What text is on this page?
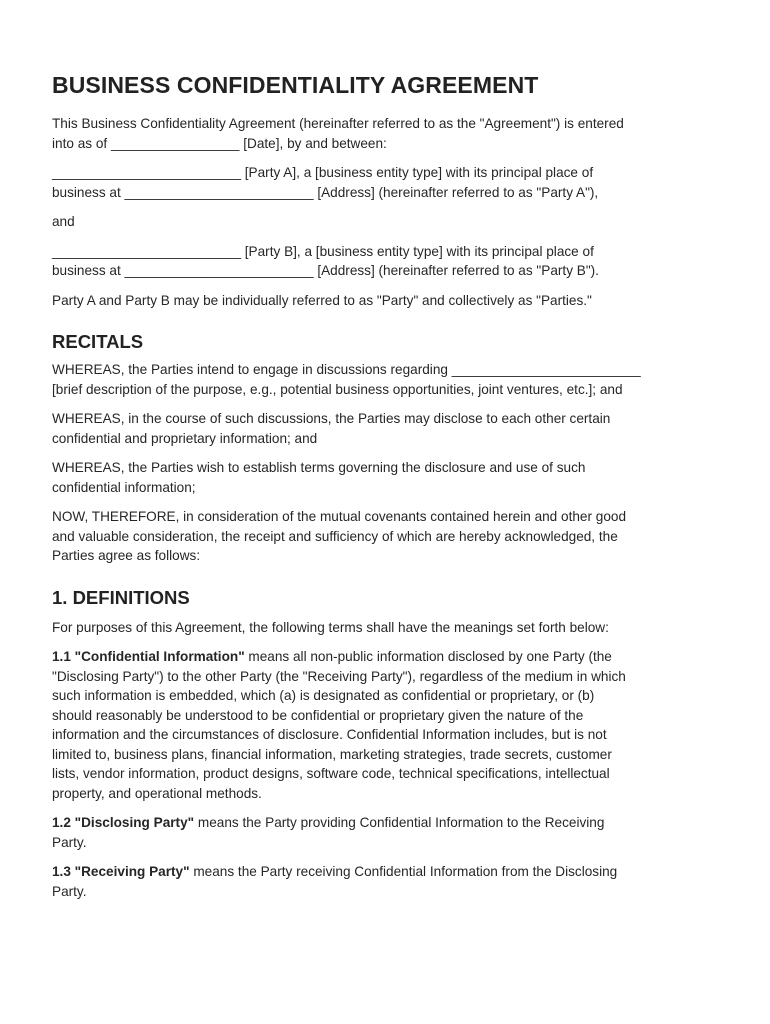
BUSINESS CONFIDENTIALITY AGREEMENT

This Business Confidentiality Agreement (hereinafter referred to as the "Agreement") is entered
into as of _________________ [Date], by and between:

_________________________ [Party A], a [business entity type] with its principal place of
business at _________________________ [Address] (hereinafter referred to as "Party A"),

and

_________________________ [Party B], a [business entity type] with its principal place of
business at _________________________ [Address] (hereinafter referred to as "Party B").

Party A and Party B may be individually referred to as "Party" and collectively as "Parties."

RECITALS

WHEREAS, the Parties intend to engage in discussions regarding _________________________
[brief description of the purpose, e.g., potential business opportunities, joint ventures, etc.]; and

WHEREAS, in the course of such discussions, the Parties may disclose to each other certain
confidential and proprietary information; and

WHEREAS, the Parties wish to establish terms governing the disclosure and use of such
confidential information;

NOW, THEREFORE, in consideration of the mutual covenants contained herein and other good
and valuable consideration, the receipt and sufficiency of which are hereby acknowledged, the
Parties agree as follows:

1. DEFINITIONS

For purposes of this Agreement, the following terms shall have the meanings set forth below:

1.1 "Confidential Information" means all non-public information disclosed by one Party (the
"Disclosing Party") to the other Party (the "Receiving Party"), regardless of the medium in which
such information is embedded, which (a) is designated as confidential or proprietary, or (b)
should reasonably be understood to be confidential or proprietary given the nature of the
information and the circumstances of disclosure. Confidential Information includes, but is not
limited to, business plans, financial information, marketing strategies, trade secrets, customer
lists, vendor information, product designs, software code, technical specifications, intellectual
property, and operational methods.

1.2 "Disclosing Party" means the Party providing Confidential Information to the Receiving
Party.

1.3 "Receiving Party" means the Party receiving Confidential Information from the Disclosing
Party.
